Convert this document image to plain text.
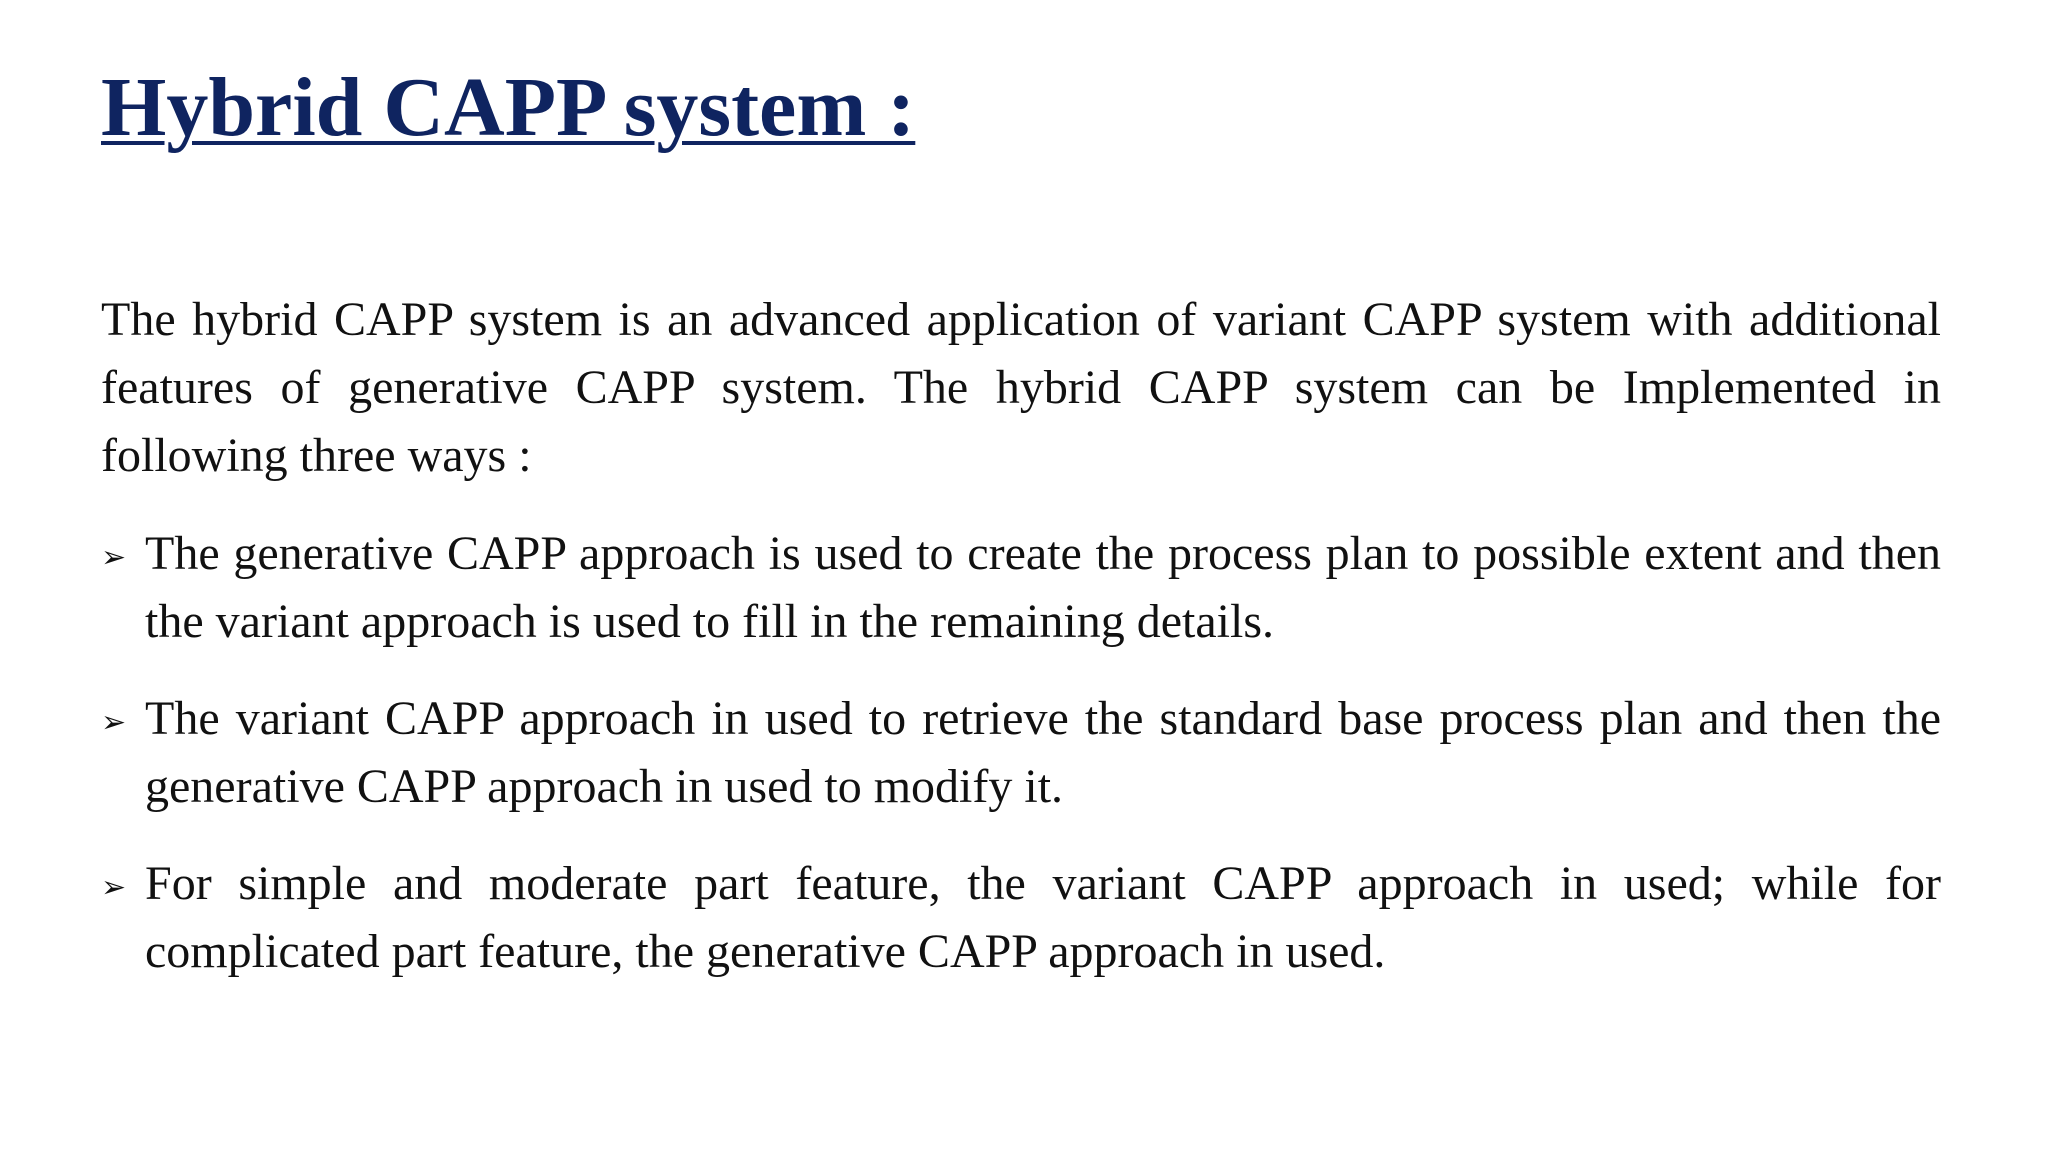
Hybrid CAPP system :

The hybrid CAPP system is an advanced application of variant CAPP system with additional features of generative CAPP system. The hybrid CAPP system can be Implemented in following three ways :

➢ The generative CAPP approach is used to create the process plan to possible extent and then the variant approach is used to fill in the remaining details.
➢ The variant CAPP approach in used to retrieve the standard base process plan and then the generative CAPP approach in used to modify it.
➢ For simple and moderate part feature, the variant CAPP approach in used; while for complicated part feature, the generative CAPP approach in used.
